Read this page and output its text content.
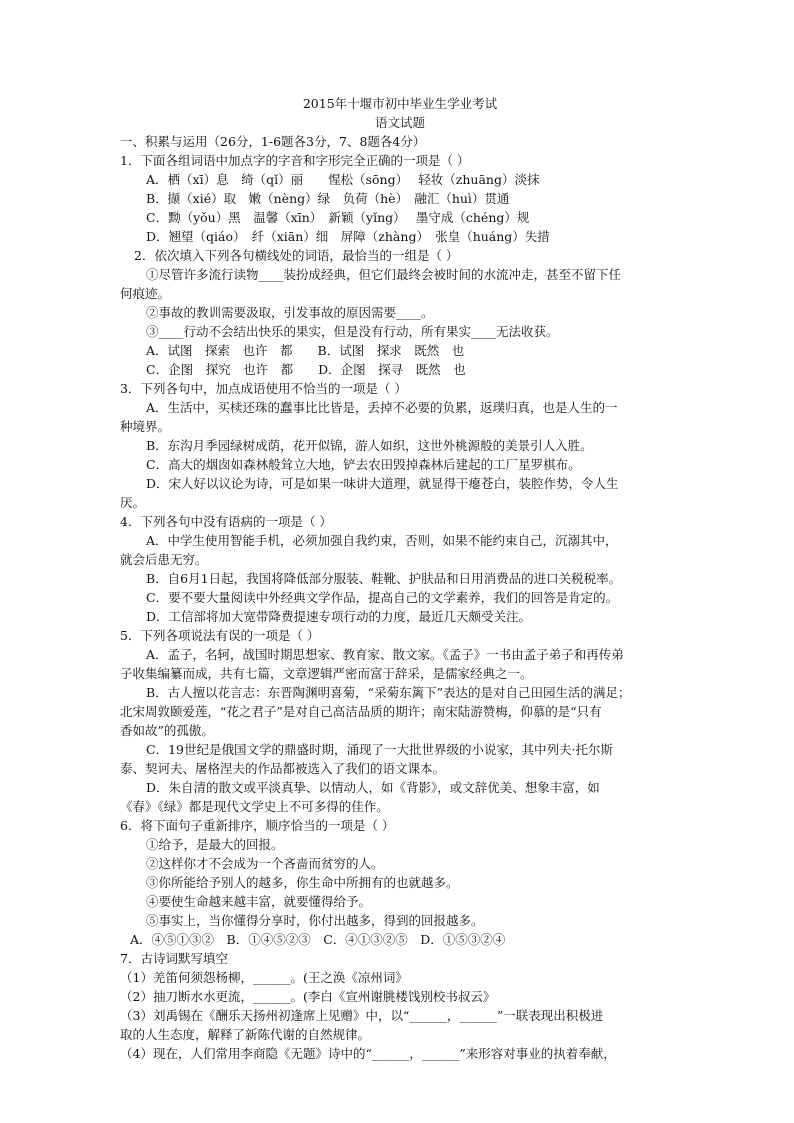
2015年十堰市初中毕业生学业考试
语文试题
一、积累与运用（26分，1-6题各3分，7、8题各4分）
1．下面各组词语中加点字的字音和字形完全正确的一项是（ ）
A．栖（xī）息　绮（qǐ）丽　　惺松（sōng）　 轻妆（zhuāng）淡抹
B．撷（xié）取　嫩（nèng）绿　负荷（hè）　融汇（huì）贯通
C．黝（yǒu）黑　温馨（xīn）　新颖（yǐng）　 墨守成（chéng）规
D．翘望（qiáo）　纤（xiān）细　屏障（zhàng）　张皇（huáng）失措
2．依次填入下列各句横线处的词语，最恰当的一组是（ ）
①尽管许多流行读物____装扮成经典，但它们最终会被时间的水流冲走，甚至不留下任
何痕迹。
②事故的教训需要汲取，引发事故的原因需要____。
③____行动不会结出快乐的果实，但是没有行动，所有果实____无法收获。
A．试图　探索　也许　都　　B．试图　探求　既然　也
C．企图　探究　也许　都　　D．企图　探寻　既然　也
3．下列各句中，加点成语使用不恰当的一项是（ ）
A．生活中，买椟还珠的蠢事比比皆是，丢掉不必要的负累，返璞归真，也是人生的一
种境界。
B．东沟月季园绿树成荫，花开似锦，游人如织，这世外桃源般的美景引人入胜。
C．高大的烟囱如森林般耸立大地，铲去农田毁掉森林后建起的工厂星罗棋布。
D．宋人好以议论为诗，可是如果一味讲大道理，就显得干瘪苍白，装腔作势，令人生
厌。
4．下列各句中没有语病的一项是（ ）
A．中学生使用智能手机，必须加强自我约束，否则，如果不能约束自己，沉溺其中，
就会后患无穷。
B．自6月1日起，我国将降低部分服装、鞋靴、护肤品和日用消费品的进口关税税率。
C．要不要大量阅读中外经典文学作品，提高自己的文学素养，我们的回答是肯定的。
D．工信部将加大宽带降费提速专项行动的力度，最近几天颇受关注。
5．下列各项说法有误的一项是（ ）
A．孟子，名轲，战国时期思想家、教育家、散文家。《孟子》一书由孟子弟子和再传弟
子收集编纂而成，共有七篇，文章逻辑严密而富于辞采，是儒家经典之一。
B．古人擅以花言志：东晋陶渊明喜菊，“采菊东篱下”表达的是对自己田园生活的满足；
北宋周敦颐爱莲，“花之君子”是对自己高洁品质的期许；南宋陆游赞梅，仰慕的是“只有
香如故”的孤傲。
C．19世纪是俄国文学的鼎盛时期，涌现了一大批世界级的小说家，其中列夫·托尔斯
泰、契诃夫、屠格涅夫的作品都被选入了我们的语文课本。
D．朱自清的散文或平淡真挚、以情动人，如《背影》，或文辞优美、想象丰富，如
《春》《绿》都是现代文学史上不可多得的佳作。
6．将下面句子重新排序，顺序恰当的一项是（ ）
①给予，是最大的回报。
②这样你才不会成为一个吝啬而贫穷的人。
③你所能给予别人的越多，你生命中所拥有的也就越多。
④要使生命越来越丰富，就要懂得给予。
⑤事实上，当你懂得分享时，你付出越多，得到的回报越多。
A．④⑤①③②　B．①④⑤②③　C．④①③②⑤　D．①⑤③②④
7．古诗词默写填空
（1）羌笛何须怨杨柳，______。(王之涣《凉州词》
（2）抽刀断水水更流，______。(李白《宣州谢朓楼饯别校书叔云》
（3）刘禹锡在《酬乐天扬州初逢席上见赠》中，以“______，______”一联表现出积极进
取的人生态度，解释了新陈代谢的自然规律。
（4）现在，人们常用李商隐《无题》诗中的“______，______”来形容对事业的执着奉献，
